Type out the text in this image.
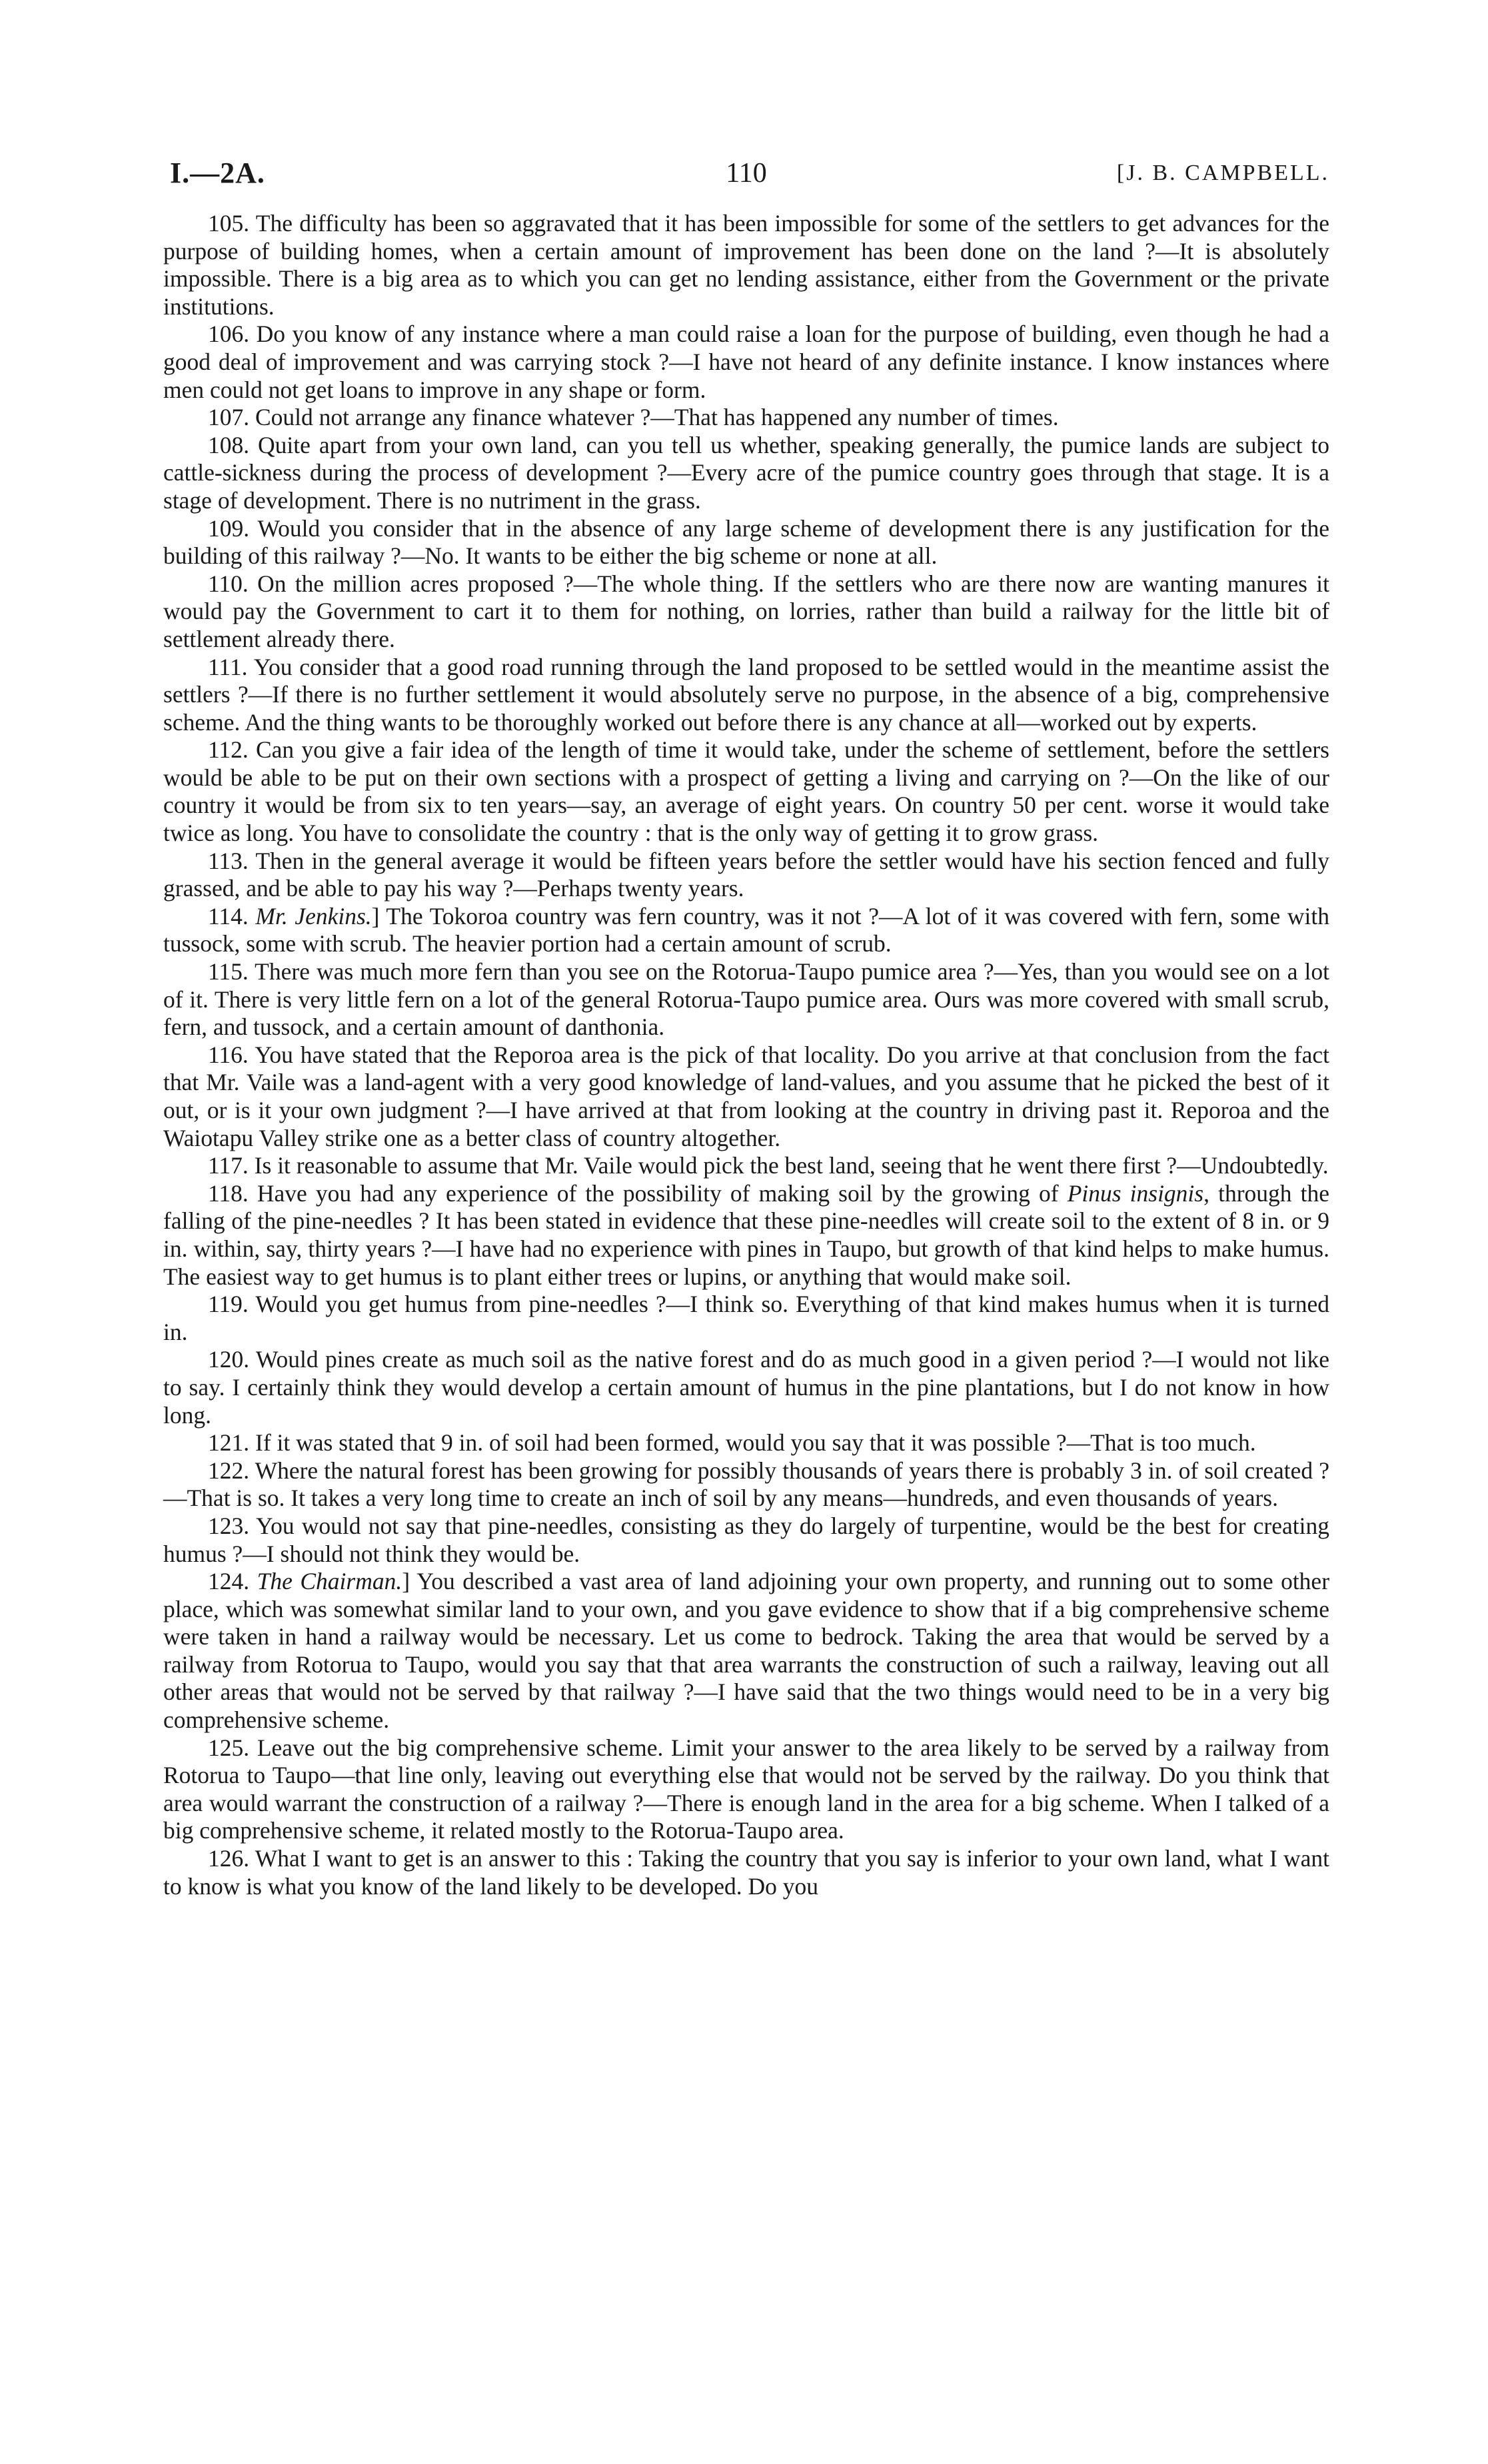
I.—2A.	110	[J. B. CAMPBELL.

105. The difficulty has been so aggravated that it has been impossible for some of the settlers to get advances for the purpose of building homes, when a certain amount of improvement has been done on the land ?—It is absolutely impossible. There is a big area as to which you can get no lending assistance, either from the Government or the private institutions.

106. Do you know of any instance where a man could raise a loan for the purpose of building, even though he had a good deal of improvement and was carrying stock ?—I have not heard of any definite instance. I know instances where men could not get loans to improve in any shape or form.

107. Could not arrange any finance whatever ?—That has happened any number of times.

108. Quite apart from your own land, can you tell us whether, speaking generally, the pumice lands are subject to cattle-sickness during the process of development ?—Every acre of the pumice country goes through that stage. It is a stage of development. There is no nutriment in the grass.

109. Would you consider that in the absence of any large scheme of development there is any justification for the building of this railway ?—No. It wants to be either the big scheme or none at all.

110. On the million acres proposed ?—The whole thing. If the settlers who are there now are wanting manures it would pay the Government to cart it to them for nothing, on lorries, rather than build a railway for the little bit of settlement already there.

111. You consider that a good road running through the land proposed to be settled would in the meantime assist the settlers ?—If there is no further settlement it would absolutely serve no purpose, in the absence of a big, comprehensive scheme. And the thing wants to be thoroughly worked out before there is any chance at all—worked out by experts.

112. Can you give a fair idea of the length of time it would take, under the scheme of settlement, before the settlers would be able to be put on their own sections with a prospect of getting a living and carrying on ?—On the like of our country it would be from six to ten years—say, an average of eight years. On country 50 per cent. worse it would take twice as long. You have to consolidate the country : that is the only way of getting it to grow grass.

113. Then in the general average it would be fifteen years before the settler would have his section fenced and fully grassed, and be able to pay his way ?—Perhaps twenty years.

114. Mr. Jenkins.] The Tokoroa country was fern country, was it not ?—A lot of it was covered with fern, some with tussock, some with scrub. The heavier portion had a certain amount of scrub.

115. There was much more fern than you see on the Rotorua-Taupo pumice area ?—Yes, than you would see on a lot of it. There is very little fern on a lot of the general Rotorua-Taupo pumice area. Ours was more covered with small scrub, fern, and tussock, and a certain amount of danthonia.

116. You have stated that the Reporoa area is the pick of that locality. Do you arrive at that conclusion from the fact that Mr. Vaile was a land-agent with a very good knowledge of land-values, and you assume that he picked the best of it out, or is it your own judgment ?—I have arrived at that from looking at the country in driving past it. Reporoa and the Waiotapu Valley strike one as a better class of country altogether.

117. Is it reasonable to assume that Mr. Vaile would pick the best land, seeing that he went there first ?—Undoubtedly.

118. Have you had any experience of the possibility of making soil by the growing of Pinus insignis, through the falling of the pine-needles ? It has been stated in evidence that these pine-needles will create soil to the extent of 8 in. or 9 in. within, say, thirty years ?—I have had no experience with pines in Taupo, but growth of that kind helps to make humus. The easiest way to get humus is to plant either trees or lupins, or anything that would make soil.

119. Would you get humus from pine-needles ?—I think so. Everything of that kind makes humus when it is turned in.

120. Would pines create as much soil as the native forest and do as much good in a given period ?—I would not like to say. I certainly think they would develop a certain amount of humus in the pine plantations, but I do not know in how long.

121. If it was stated that 9 in. of soil had been formed, would you say that it was possible ?—That is too much.

122. Where the natural forest has been growing for possibly thousands of years there is probably 3 in. of soil created ?—That is so. It takes a very long time to create an inch of soil by any means—hundreds, and even thousands of years.

123. You would not say that pine-needles, consisting as they do largely of turpentine, would be the best for creating humus ?—I should not think they would be.

124. The Chairman.] You described a vast area of land adjoining your own property, and running out to some other place, which was somewhat similar land to your own, and you gave evidence to show that if a big comprehensive scheme were taken in hand a railway would be necessary. Let us come to bedrock. Taking the area that would be served by a railway from Rotorua to Taupo, would you say that that area warrants the construction of such a railway, leaving out all other areas that would not be served by that railway ?—I have said that the two things would need to be in a very big comprehensive scheme.

125. Leave out the big comprehensive scheme. Limit your answer to the area likely to be served by a railway from Rotorua to Taupo—that line only, leaving out everything else that would not be served by the railway. Do you think that area would warrant the construction of a railway ?—There is enough land in the area for a big scheme. When I talked of a big comprehensive scheme, it related mostly to the Rotorua-Taupo area.

126. What I want to get is an answer to this : Taking the country that you say is inferior to your own land, what I want to know is what you know of the land likely to be developed. Do you
